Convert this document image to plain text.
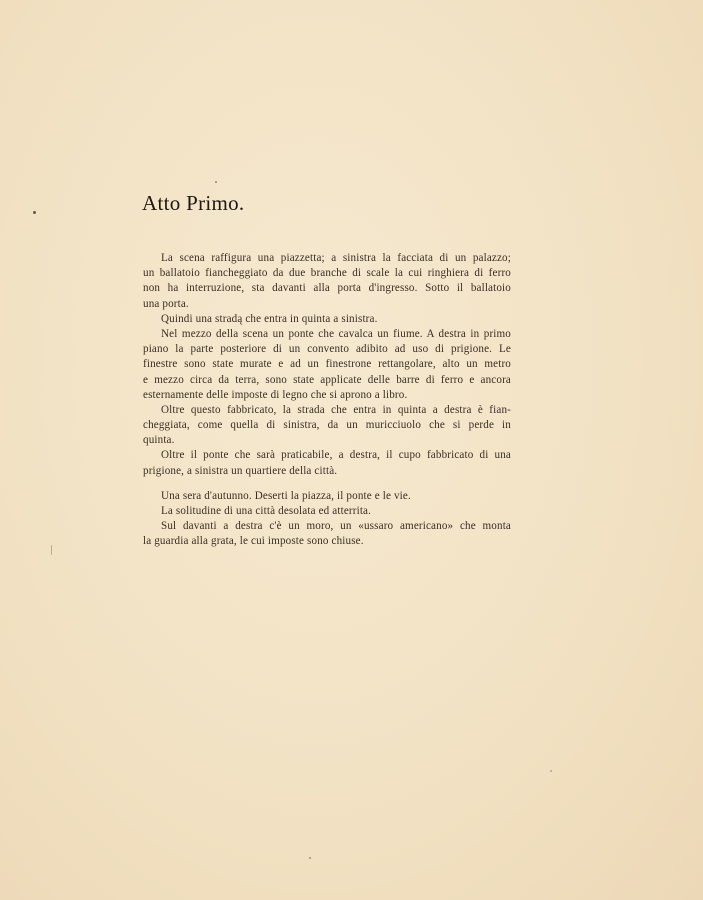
Atto Primo.
La scena raffigura una piazzetta; a sinistra la facciata di un palazzo;
un ballatoio fiancheggiato da due branche di scale la cui ringhiera di ferro
non ha interruzione, sta davanti alla porta d'ingresso. Sotto il ballatoio
una porta.
Quindi una stradą che entra in quinta a sinistra.
Nel mezzo della scena un ponte che cavalca un fiume. A destra in primo
piano la parte posteriore di un convento adibito ad uso di prigione. Le
finestre sono state murate e ad un finestrone rettangolare, alto un metro
e mezzo circa da terra, sono state applicate delle barre di ferro e ancora
esternamente delle imposte di legno che si aprono a libro.
Oltre questo fabbricato, la strada che entra in quinta a destra è fian-
cheggiata, come quella di sinistra, da un muricciuolo che si perde in
quinta.
Oltre il ponte che sarà praticabile, a destra, il cupo fabbricato di una
prigione, a sinistra un quartiere della città.
Una sera d'autunno. Deserti la piazza, il ponte e le vie.
La solitudine di una città desolata ed atterrita.
Sul davanti a destra c'è un moro, un «ussaro americano» che monta
la guardia alla grata, le cui imposte sono chiuse.
